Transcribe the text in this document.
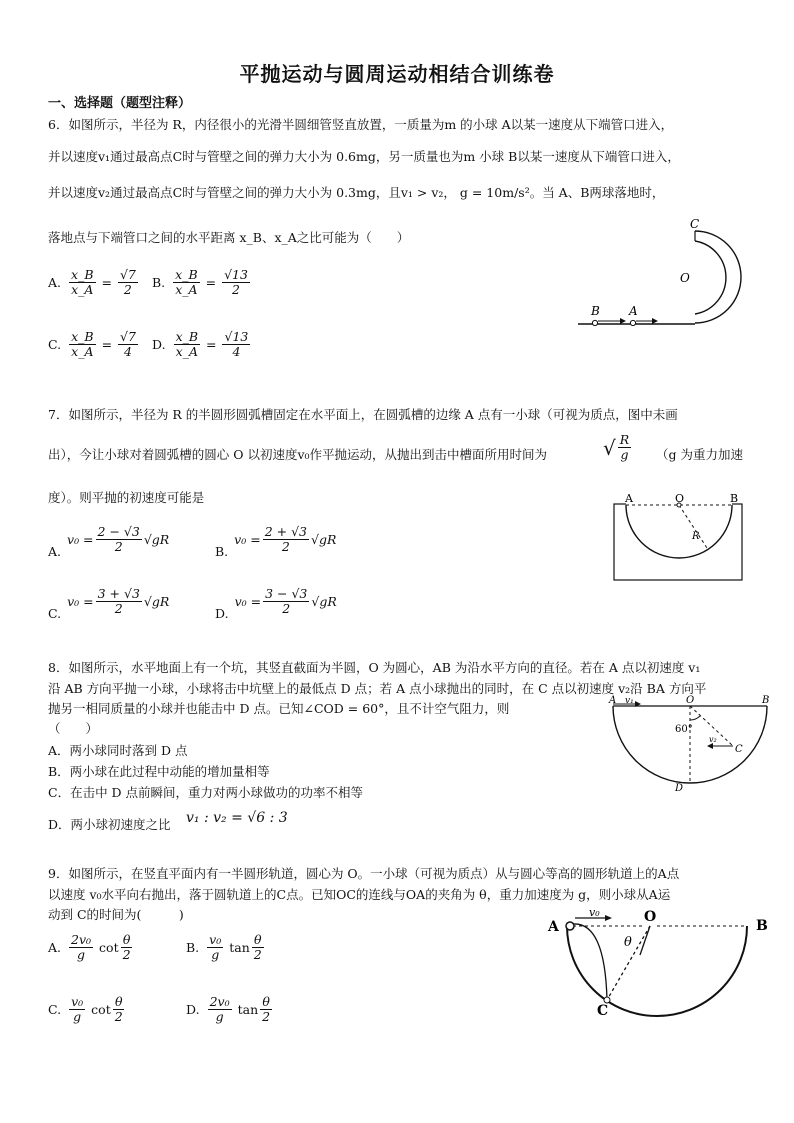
平抛运动与圆周运动相结合训练卷
一、选择题（题型注释）
6．如图所示，半径为 R，内径很小的光滑半圆细管竖直放置，一质量为m 的小球 A以某一速度从下端管口进入，
并以速度v₁通过最高点C时与管壁之间的弹力大小为 0.6mg，另一质量也为m 小球 B以某一速度从下端管口进入，
并以速度v₂通过最高点C时与管壁之间的弹力大小为 0.3mg，且v₁ > v₂， g = 10m/s²。当 A、B两球落地时，
落地点与下端管口之间的水平距离 x_B、x_A之比可能为（　　）
A. $\frac{x\_B}{x\_A} = \frac{√7}{2} B$. $\frac{x\_B}{x\_A} = \frac{√13}{2}$
C. $\frac{x\_B}{x\_A} = \frac{√7}{4} D$. $\frac{x\_B}{x\_A} = \frac{√13}{4}$
C
O
B A
7．如图所示，半径为 R 的半圆形圆弧槽固定在水平面上，在圆弧槽的边缘 A 点有一小球（可视为质点，图中未画
出），今让小球对着圆弧槽的圆心 O 以初速度v₀作平抛运动，从抛出到击中槽面所用时间为	√ $\frac{R}{g} (g$ 为重力加速
度）。则平抛的初速度可能是
A.
$v_0 = \frac{2 - √3}{2} √gR$
B.
$v_0 = \frac{2 + √3}{2} √gR$
C.
$v_0 = \frac{3 + √3}{2} √gR$
D.
$v_0 = \frac{3 - √3}{2} √gR$
A	O	B
R
8．如图所示，水平地面上有一个坑，其竖直截面为半圆，O 为圆心，AB 为沿水平方向的直径。若在 A 点以初速度 v₁
沿 AB 方向平抛一小球，小球将击中坑壁上的最低点 D 点；若 A 点小球抛出的同时，在 C 点以初速度 v₂沿 BA 方向平
抛另一相同质量的小球并也能击中 D 点。已知∠COD = 60°，且不计空气阻力，则
（　　）
A．两小球同时落到 D 点
B．两小球在此过程中动能的增加量相等
C．在击中 D 点前瞬间，重力对两小球做功的功率不相等
D．两小球初速度之比 v₁ : v₂ = √6 : 3
A v₁	O	B
60°
v₂
C
D
9．如图所示，在竖直平面内有一半圆形轨道，圆心为 O。一小球（可视为质点）从与圆心等高的圆形轨道上的A点
以速度 v₀水平向右抛出，落于圆轨道上的C点。已知OC的连线与OA的夹角为 θ，重力加速度为 g，则小球从A运
动到 C的时间为(　　　)
A. $\frac{\text{2v₀}}{g}$ $\cot \frac{\theta}{2}$	B. $\frac{\text{v₀}}{g}$ $\tan \frac{\theta}{2}$
C. $\frac{\text{v₀}}{g}$ $\cot \frac{\theta}{2}$	D. $\frac{\text{2v₀}}{g}$ $\tan \frac{\theta}{2}$
A
v₀	O
B
θ
C
